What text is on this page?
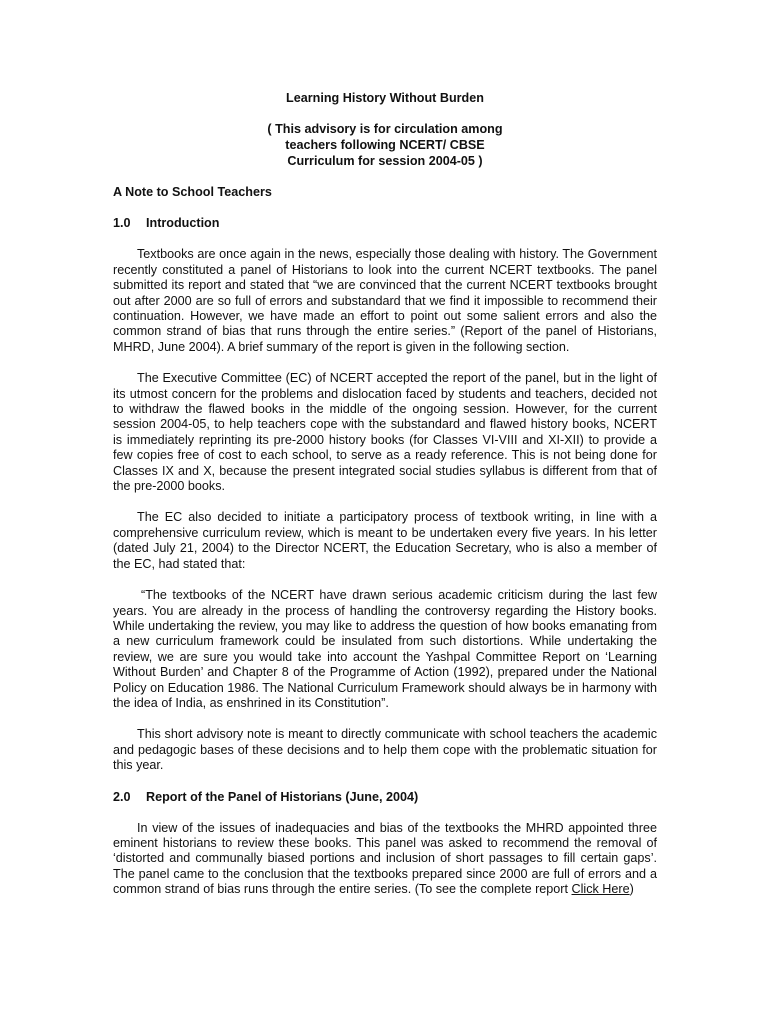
Learning History Without Burden
( This advisory is for circulation among
teachers following NCERT/ CBSE
Curriculum for session 2004-05 )
A Note to School Teachers
1.0	Introduction

Textbooks are once again in the news, especially those dealing with history. The Government recently constituted a panel of Historians to look into the current NCERT textbooks. The panel submitted its report and stated that “we are convinced that the current NCERT textbooks brought out after 2000 are so full of errors and substandard that we find it impossible to recommend their continuation. However, we have made an effort to point out some salient errors and also the common strand of bias that runs through the entire series.” (Report of the panel of Historians, MHRD, June 2004). A brief summary of the report is given in the following section.

The Executive Committee (EC) of NCERT accepted the report of the panel, but in the light of its utmost concern for the problems and dislocation faced by students and teachers, decided not to withdraw the flawed books in the middle of the ongoing session. However, for the current session 2004-05, to help teachers cope with the substandard and flawed history books, NCERT is immediately reprinting its pre-2000 history books (for Classes VI-VIII and XI-XII) to provide a few copies free of cost to each school, to serve as a ready reference. This is not being done for Classes IX and X, because the present integrated social studies syllabus is different from that of the pre-2000 books.

The EC also decided to initiate a participatory process of textbook writing, in line with a comprehensive curriculum review, which is meant to be undertaken every five years. In his letter (dated July 21, 2004) to the Director NCERT, the Education Secretary, who is also a member of the EC, had stated that:

“The textbooks of the NCERT have drawn serious academic criticism during the last few years. You are already in the process of handling the controversy regarding the History books. While undertaking the review, you may like to address the question of how books emanating from a new curriculum framework could be insulated from such distortions. While undertaking the review, we are sure you would take into account the Yashpal Committee Report on ‘Learning Without Burden’ and Chapter 8 of the Programme of Action (1992), prepared under the National Policy on Education 1986. The National Curriculum Framework should always be in harmony with the idea of India, as enshrined in its Constitution”.

This short advisory note is meant to directly communicate with school teachers the academic and pedagogic bases of these decisions and to help them cope with the problematic situation for this year.

2.0	Report of the Panel of Historians (June, 2004)

In view of the issues of inadequacies and bias of the textbooks the MHRD appointed three eminent historians to review these books. This panel was asked to recommend the removal of ‘distorted and communally biased portions and inclusion of short passages to fill certain gaps’. The panel came to the conclusion that the textbooks prepared since 2000 are full of errors and a common strand of bias runs through the entire series. (To see the complete report Click Here)
